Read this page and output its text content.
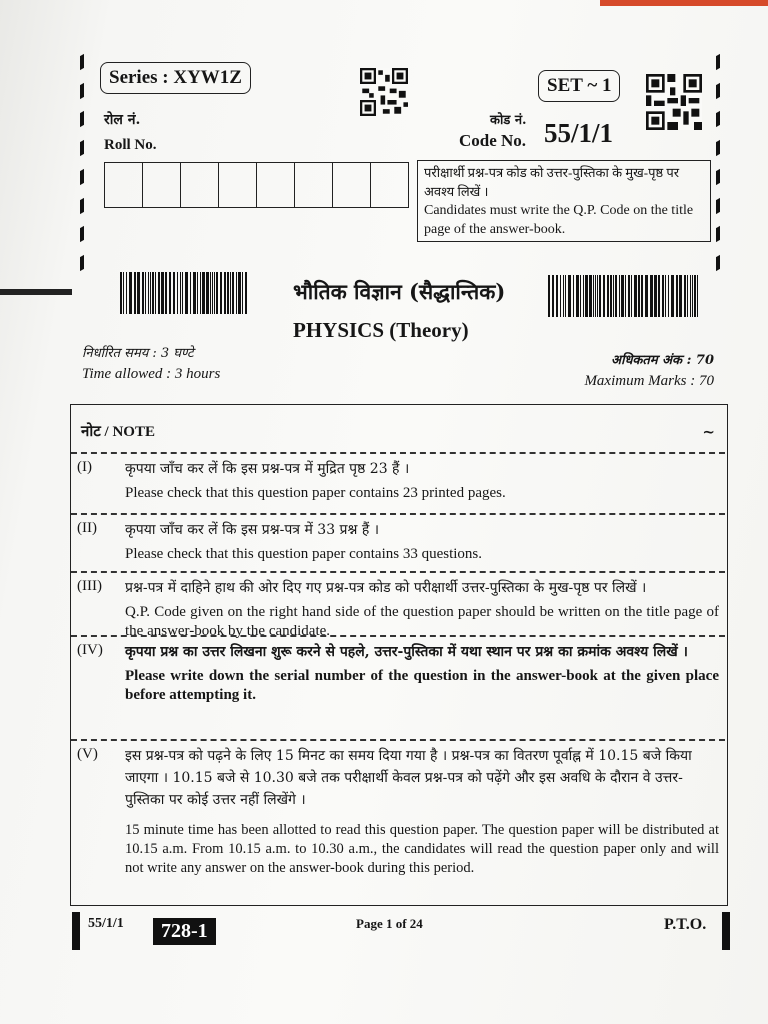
Series : XYW1Z	SET ~ 1
रोल नं.
Roll No.
कोड नं.
Code No. 55/1/1
परीक्षार्थी प्रश्न-पत्र कोड को उत्तर-पुस्तिका के मुख-पृष्ठ पर अवश्य लिखें ।
Candidates must write the Q.P. Code on the title page of the answer-book.
भौतिक विज्ञान (सैद्धान्तिक)
PHYSICS (Theory)
निर्धारित समय : 3 घण्टे
Time allowed : 3 hours
अधिकतम अंक : 70
Maximum Marks : 70
नोट / NOTE	~
(I) कृपया जाँच कर लें कि इस प्रश्न-पत्र में मुद्रित पृष्ठ 23 हैं ।
Please check that this question paper contains 23 printed pages.
(II) कृपया जाँच कर लें कि इस प्रश्न-पत्र में 33 प्रश्न हैं ।
Please check that this question paper contains 33 questions.
(III) प्रश्न-पत्र में दाहिने हाथ की ओर दिए गए प्रश्न-पत्र कोड को परीक्षार्थी उत्तर-पुस्तिका के मुख-पृष्ठ पर लिखें ।
Q.P. Code given on the right hand side of the question paper should be written on the title page of the answer-book by the candidate.
(IV) कृपया प्रश्न का उत्तर लिखना शुरू करने से पहले, उत्तर-पुस्तिका में यथा स्थान पर प्रश्न का क्रमांक अवश्य लिखें ।
Please write down the serial number of the question in the answer-book at the given place before attempting it.
(V) इस प्रश्न-पत्र को पढ़ने के लिए 15 मिनट का समय दिया गया है । प्रश्न-पत्र का वितरण पूर्वाह्न में 10.15 बजे किया जाएगा । 10.15 बजे से 10.30 बजे तक परीक्षार्थी केवल प्रश्न-पत्र को पढ़ेंगे और इस अवधि के दौरान वे उत्तर-पुस्तिका पर कोई उत्तर नहीं लिखेंगे ।
15 minute time has been allotted to read this question paper. The question paper will be distributed at 10.15 a.m. From 10.15 a.m. to 10.30 a.m., the candidates will read the question paper only and will not write any answer on the answer-book during this period.
55/1/1	728-1	Page 1 of 24	P.T.O.
